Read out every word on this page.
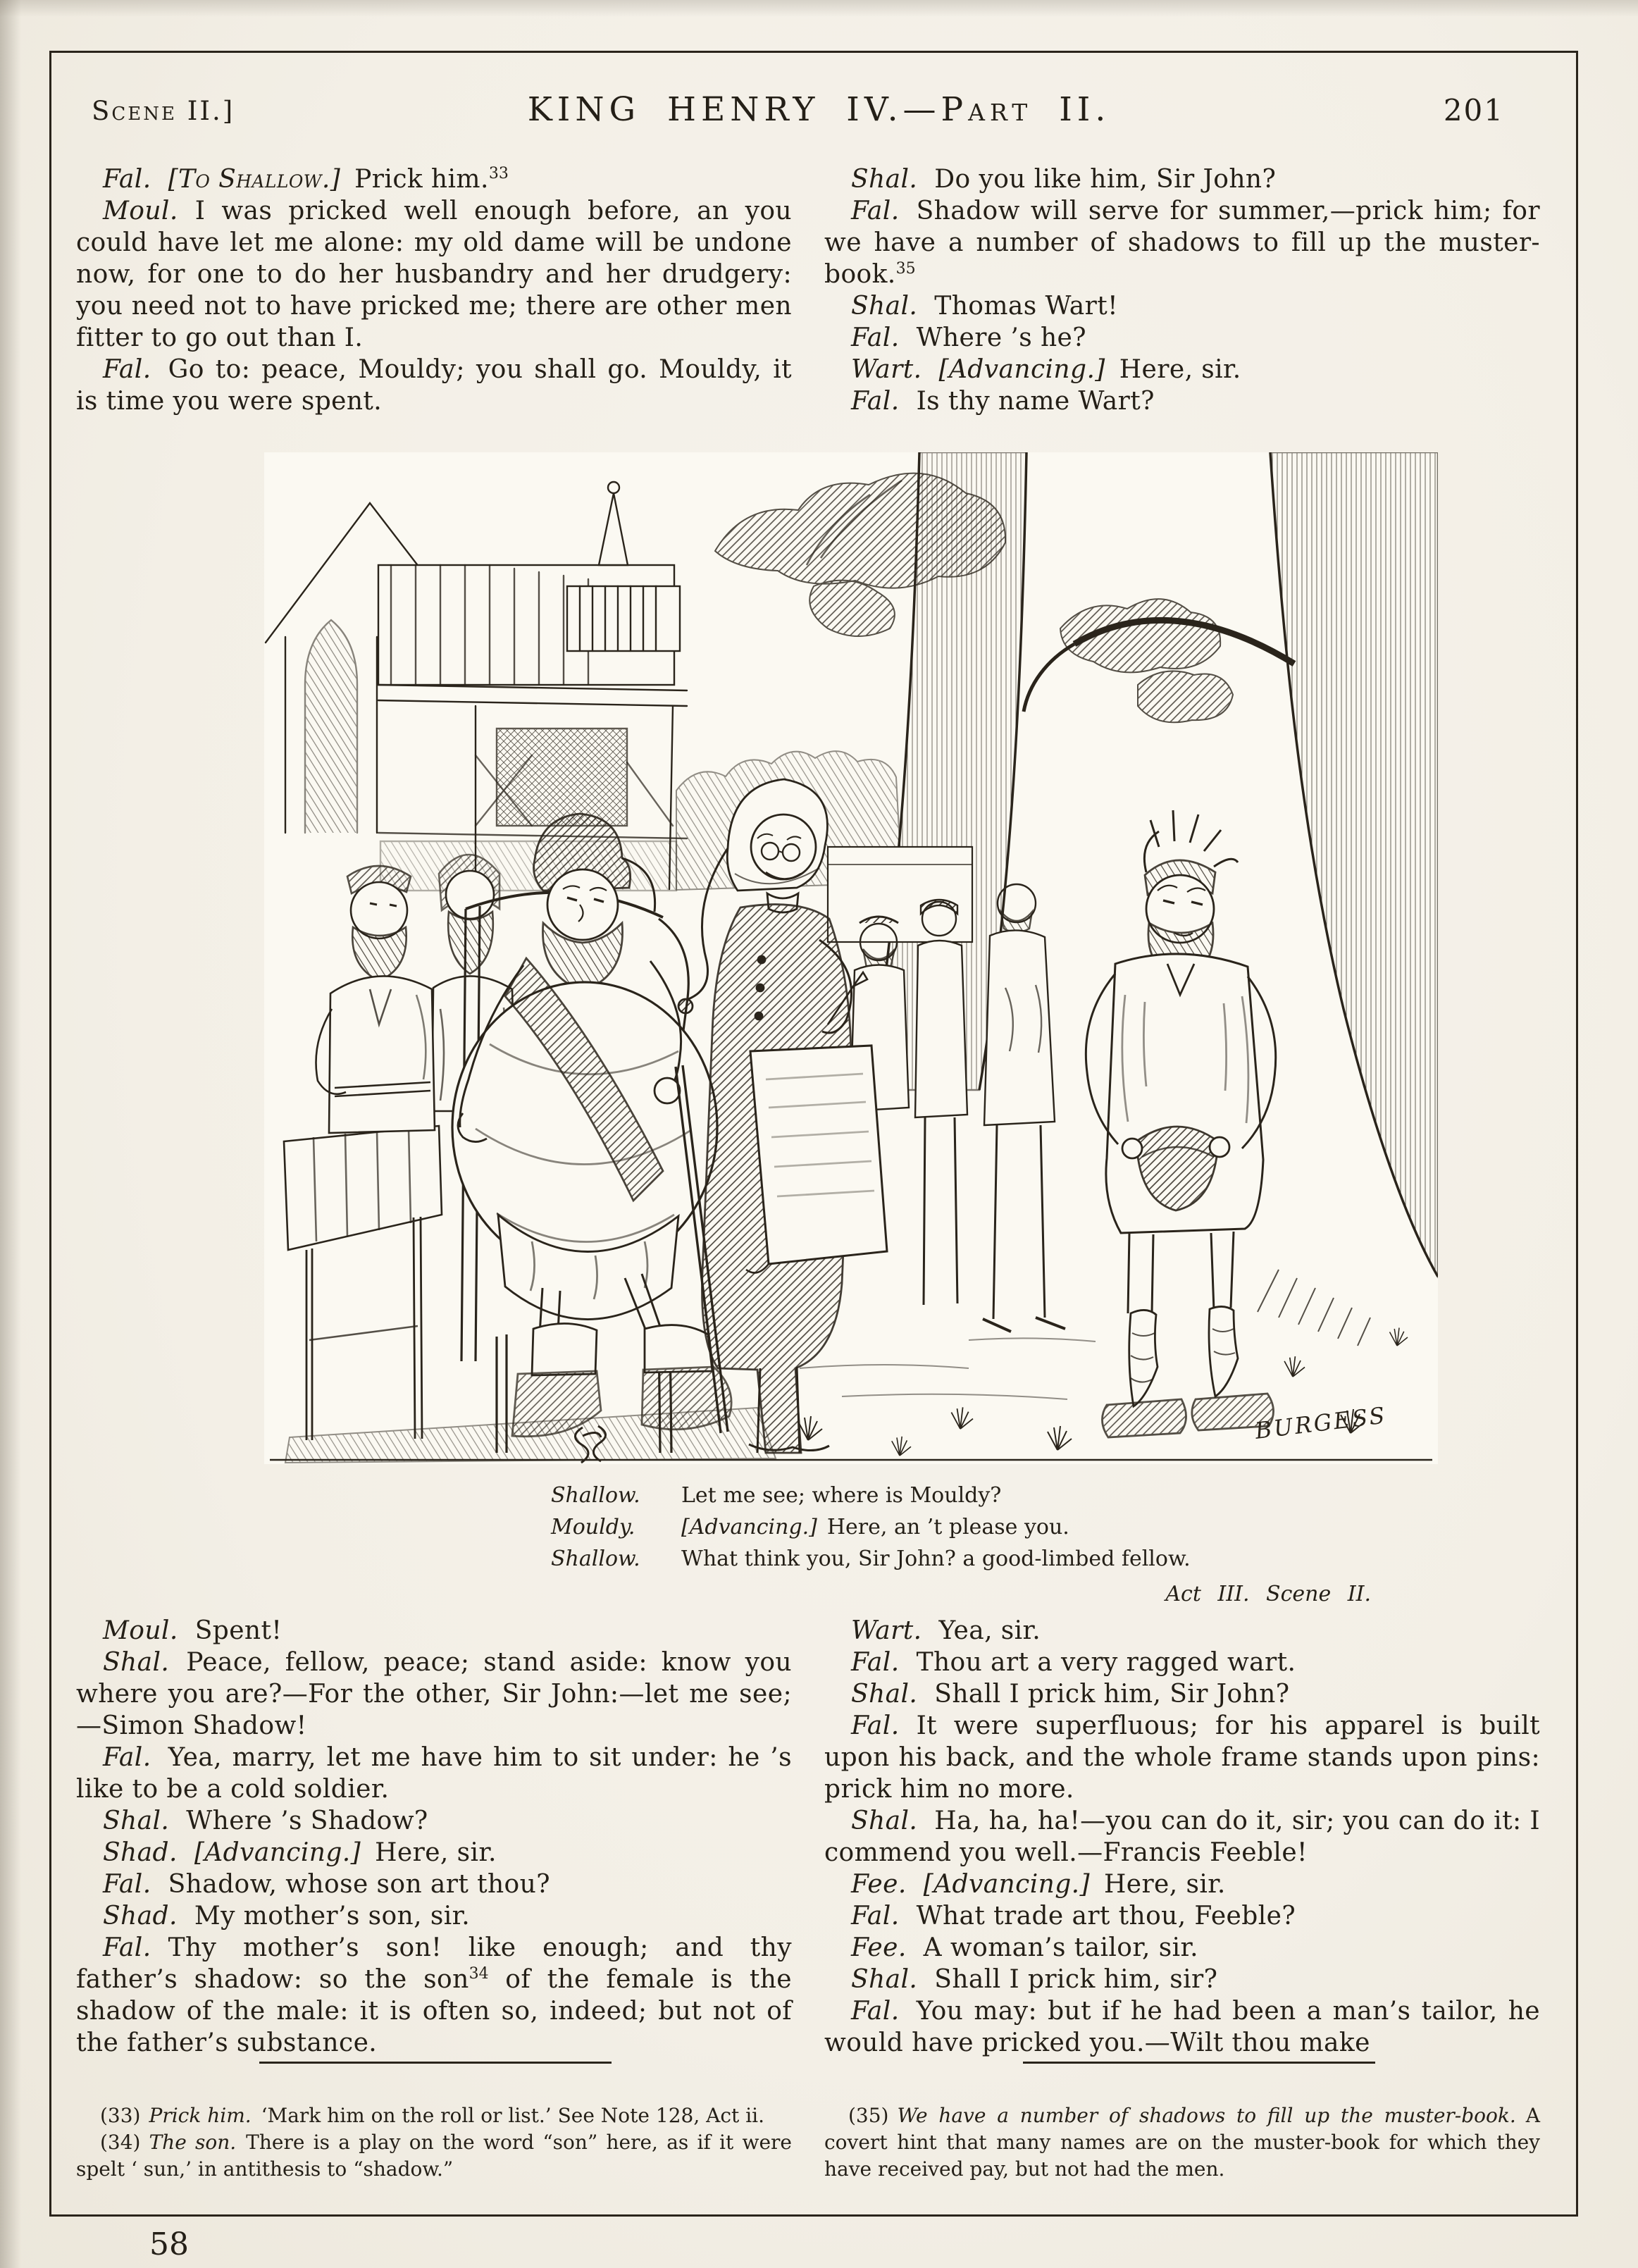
Scene II.]	KING HENRY IV.—Part II.	201

Fal. [To Shallow.] Prick him.$^{33}$

Moul. I was pricked well enough before, an you could have let me alone: my old dame will be undone now, for one to do her husbandry and her drudgery: you need not to have pricked me; there are other men fitter to go out than I.

Fal. Go to: peace, Mouldy; you shall go. Mouldy, it is time you were spent.

Shal. Do you like him, Sir John?

Fal. Shadow will serve for summer,—prick him; for we have a number of shadows to fill up the muster-book.$^{35}$

Shal. Thomas Wart!

Fal. Where ’s he?

Wart. [Advancing.] Here, sir.

Fal. Is thy name Wart?

BURGESS
Shallow. Let me see; where is Mouldy?
Mouldy. [Advancing.] Here, an ’t please you.
Shallow. What think you, Sir John? a good-limbed fellow.
Act III. Scene II.

Moul. Spent!

Shal. Peace, fellow, peace; stand aside: know you where you are?—For the other, Sir John:—let me see;—Simon Shadow!

Fal. Yea, marry, let me have him to sit under: he ’s like to be a cold soldier.

Shal. Where ’s Shadow?

Shad. [Advancing.] Here, sir.

Fal. Shadow, whose son art thou?

Shad. My mother’s son, sir.

Fal. Thy mother’s son! like enough; and thy father’s shadow: so the son$^{34}$ of the female is the shadow of the male: it is often so, indeed; but not of the father’s substance.

Wart. Yea, sir.

Fal. Thou art a very ragged wart.

Shal. Shall I prick him, Sir John?

Fal. It were superfluous; for his apparel is built upon his back, and the whole frame stands upon pins: prick him no more.

Shal. Ha, ha, ha!—you can do it, sir; you can do it: I commend you well.—Francis Feeble!

Fee. [Advancing.] Here, sir.

Fal. What trade art thou, Feeble?

Fee. A woman’s tailor, sir.

Shal. Shall I prick him, sir?

Fal. You may: but if he had been a man’s tailor, he would have pricked you.—Wilt thou make

(33) Prick him. ‘Mark him on the roll or list.’ See Note 128, Act ii.

(34) The son. There is a play on the word “son” here, as if it were spelt ‘ sun,’ in antithesis to “shadow.”

(35) We have a number of shadows to fill up the muster-book. A covert hint that many names are on the muster-book for which they have received pay, but not had the men.

58
